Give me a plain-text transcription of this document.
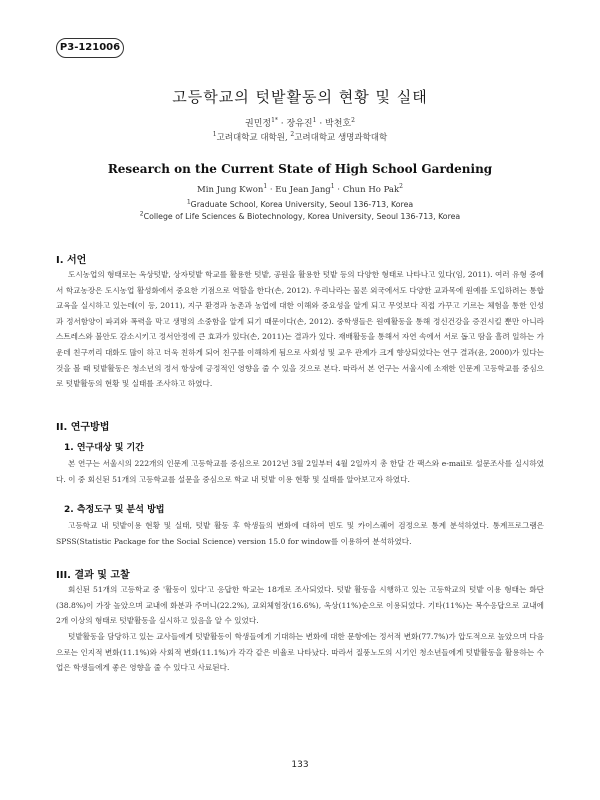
P3-121006
고등학교의 텃밭활동의 현황 및 실태
권민정$^{1*}$ · 장유진$^1$ · 박천호$^2$
$^1$고려대학교 대학원, $^2$고려대학교 생명과학대학
Research on the Current State of High School Gardening
Min Jung Kwon$^1$ · Eu Jean Jang$^1$ · Chun Ho Pak$^2$
$^1$Graduate School, Korea University, Seoul 136-713, Korea
$^2$College of Life Sciences & Biotechnology, Korea University, Seoul 136-713, Korea
I. 서언

도시농업의 형태로는 옥상텃밭, 상자텃밭 학교를 활용한 텃밭, 공원을 활용한 텃밭 등의 다양한 형태로 나타나고 있다(임, 2011). 여러 유형 중에서 학교농장은 도시농업 활성화에서 중요한 기점으로 역할을 한다(손, 2012). 우리나라는 물론 외국에서도 다양한 교과목에 원예를 도입하려는 통합교육을 실시하고 있는데(이 등, 2011), 지구 환경과 농촌과 농업에 대한 이해와 중요성을 알게 되고 무엇보다 직접 가꾸고 기르는 체험을 통한 인성과 정서함양이 파괴와 폭력을 막고 생명의 소중함을 알게 되기 때문이다(손, 2012). 중학생들은 원예활동을 통해 정신건강을 증진시킬 뿐만 아니라 스트레스와 불안도 감소시키고 정서안정에 큰 효과가 있다(손, 2011)는 결과가 있다. 재배활동을 통해서 자연 속에서 서로 돕고 땀을 흘려 일하는 가운데 친구끼리 대화도 많이 하고 더욱 친하게 되어 친구를 이해하게 됨으로 사회성 및 교우 관계가 크게 향상되었다는 연구 결과(윤, 2000)가 있다는 것을 볼 때 텃밭활동은 청소년의 정서 항상에 긍정적인 영향을 줄 수 있을 것으로 본다. 따라서 본 연구는 서울시에 소재한 인문계 고등학교를 중심으로 텃밭활동의 현황 및 실태를 조사하고 하였다.

II. 연구방법
1. 연구대상 및 기간

본 연구는 서울시의 222개의 인문계 고등학교를 중심으로 2012년 3월 2일부터 4월 2일까지 총 한달 간 팩스와 e-mail로 설문조사를 실시하였다. 이 중 회신된 51개의 고등학교를 설문을 중심으로 학교 내 텃밭 이용 현황 및 실태를 알아보고자 하였다.

2. 측정도구 및 분석 방법

고등학교 내 텃밭이용 현황 및 실태, 텃밭 활동 후 학생들의 변화에 대하여 빈도 및 카이스퀘어 검정으로 통계 분석하였다. 통계프로그램은 SPSS(Statistic Package for the Social Science) version 15.0 for window를 이용하여 분석하였다.

III. 결과 및 고찰

회신된 51개의 고등학교 중 '활동이 있다'고 응답한 학교는 18개로 조사되었다. 텃밭 활동을 시행하고 있는 고등학교의 텃밭 이용 형태는 화단(38.8%)이 가장 높았으며 교내에 화분과 주머니(22.2%), 교외체험장(16.6%), 옥상(11%)순으로 이용되었다. 기타(11%)는 복수응답으로 교내에 2개 이상의 형태로 텃밭활동을 실시하고 있음을 알 수 있었다.

텃밭활동을 담당하고 있는 교사들에게 텃밭활동이 학생들에게 기대하는 변화에 대한 문항에는 정서적 변화(77.7%)가 압도적으로 높았으며 다음으로는 인지적 변화(11.1%)와 사회적 변화(11.1%)가 각각 같은 비율로 나타났다. 따라서 질풍노도의 시기인 청소년들에게 텃밭활동을 활용하는 수업은 학생들에게 좋은 영향을 줄 수 있다고 사료된다.

133
